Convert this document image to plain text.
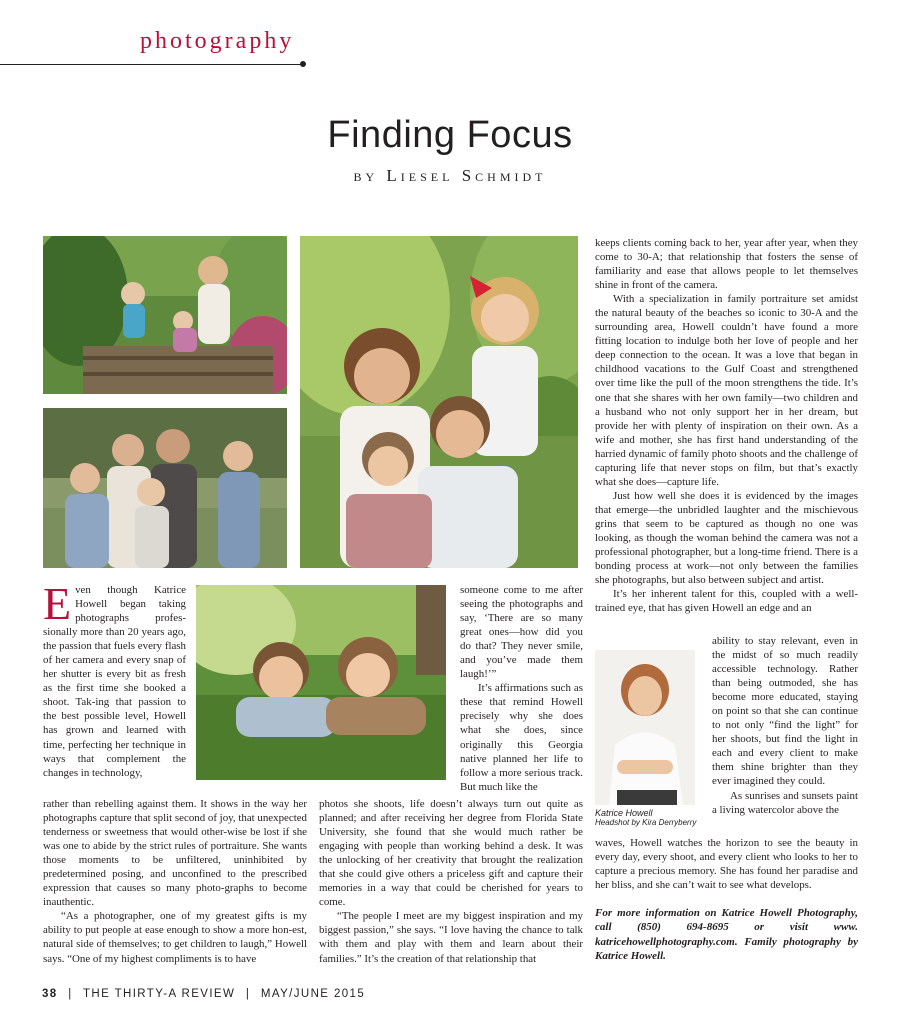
photography
Finding Focus
by Liesel Schmidt

Even though Katrice Howell began taking photographs profes-sionally more than 20 years ago, the passion that fuels every flash of her camera and every snap of her shutter is every bit as fresh as the first time she booked a shoot. Tak-ing that passion to the best possible level, Howell has grown and learned with time, perfecting her technique in ways that complement the changes in technology,

someone come to me after seeing the photographs and say, ‘There are so many great ones—how did you do that? They never smile, and you’ve made them laugh!’”

It’s affirmations such as these that remind Howell precisely why she does what she does, since originally this Georgia native planned her life to follow a more serious track. But much like the

rather than rebelling against them. It shows in the way her photographs capture that split second of joy, that unexpected tenderness or sweetness that would other-wise be lost if she was one to abide by the strict rules of portraiture. She wants those moments to be unfiltered, uninhibited by predetermined posing, and unconfined to the prescribed expression that causes so many photo-graphs to become inauthentic.

“As a photographer, one of my greatest gifts is my ability to put people at ease enough to show a more hon-est, natural side of themselves; to get children to laugh,” Howell says. “One of my highest compliments is to have

photos she shoots, life doesn’t always turn out quite as planned; and after receiving her degree from Florida State University, she found that she would much rather be engaging with people than working behind a desk. It was the unlocking of her creativity that brought the realization that she could give others a priceless gift and capture their memories in a way that could be cherished for years to come.

“The people I meet are my biggest inspiration and my biggest passion,” she says. “I love having the chance to talk with them and play with them and learn about their families.” It’s the creation of that relationship that

keeps clients coming back to her, year after year, when they come to 30-A; that relationship that fosters the sense of familiarity and ease that allows people to let themselves shine in front of the camera.

With a specialization in family portraiture set amidst the natural beauty of the beaches so iconic to 30-A and the surrounding area, Howell couldn’t have found a more fitting location to indulge both her love of people and her deep connection to the ocean. It was a love that began in childhood vacations to the Gulf Coast and strengthened over time like the pull of the moon strengthens the tide. It’s one that she shares with her own family—two children and a husband who not only support her in her dream, but provide her with plenty of inspiration on their own. As a wife and mother, she has first hand understanding of the harried dynamic of family photo shoots and the challenge of capturing life that never stops on film, but that’s exactly what she does—capture life.

Just how well she does it is evidenced by the images that emerge—the unbridled laughter and the mischievous grins that seem to be captured as though no one was looking, as though the woman behind the camera was not a professional photographer, but a long-time friend. There is a bonding process at work—not only between the families she photographs, but also between subject and artist.

It’s her inherent talent for this, coupled with a well-trained eye, that has given Howell an edge and an

Katrice Howell
Headshot by Kira Derryberry

ability to stay relevant, even in the midst of so much readily accessible technology. Rather than being outmoded, she has become more educated, staying on point so that she can continue to not only “find the light” for her shoots, but find the light in each and every client to make them shine brighter than they ever imagined they could.

As sunrises and sunsets paint a living watercolor above the

waves, Howell watches the horizon to see the beauty in every day, every shoot, and every client who looks to her to capture a precious memory. She has found her paradise and her bliss, and she can’t wait to see what develops.

For more information on Katrice Howell Photography, call (850) 694-8695 or visit www. katricehowellphotography.com. Family photography by Katrice Howell.
38 | THE THIRTY-A REVIEW | MAY/JUNE 2015
